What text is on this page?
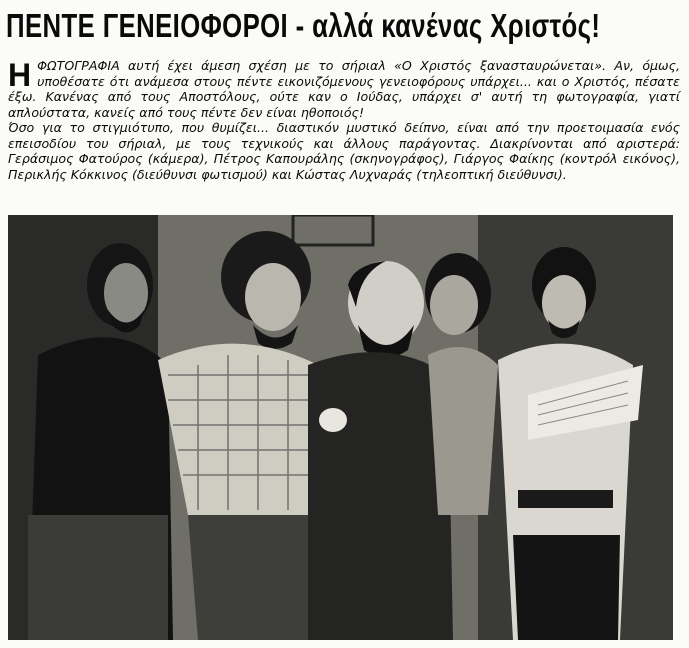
ΠΕΝΤΕ ΓΕΝΕΙΟΦΟΡΟΙ - αλλά κανένας Χριστός!

ΗΦΩΤΟΓΡΑΦΙΑ αυτή έχει άμεση σχέση με το σήριαλ «Ο Χριστός ξανασταυρώνεται». Αν, όμως, υποθέσατε ότι ανάμεσα στους πέντε εικονιζόμενους γενειοφόρους υπάρχει... και ο Χριστός, πέσατε έξω. Κανένας από τους Αποστόλους, ούτε καν ο Ιούδας, υπάρχει σ' αυτή τη φωτογραφία, γιατί απλούστατα, κανείς από τους πέντε δεν είναι ηθοποιός!

Όσο για το στιγμιότυπο, που θυμίζει... διαστικόν μυστικό δείπνο, είναι από την προετοιμασία ενός επεισοδίου του σήριαλ, με τους τεχνικούς και άλλους παράγοντας. Διακρίνονται από αριστερά: Γεράσιμος Φατούρος (κάμερα), Πέτρος Καπουράλης (σκηνογράφος), Γιάργος Φαίκης (κοντρόλ εικόνος), Περικλής Κόκκινος (διεύθυνσι φωτισμού) και Κώστας Λυχναράς (τηλεοπτική διεύθυνσι).
